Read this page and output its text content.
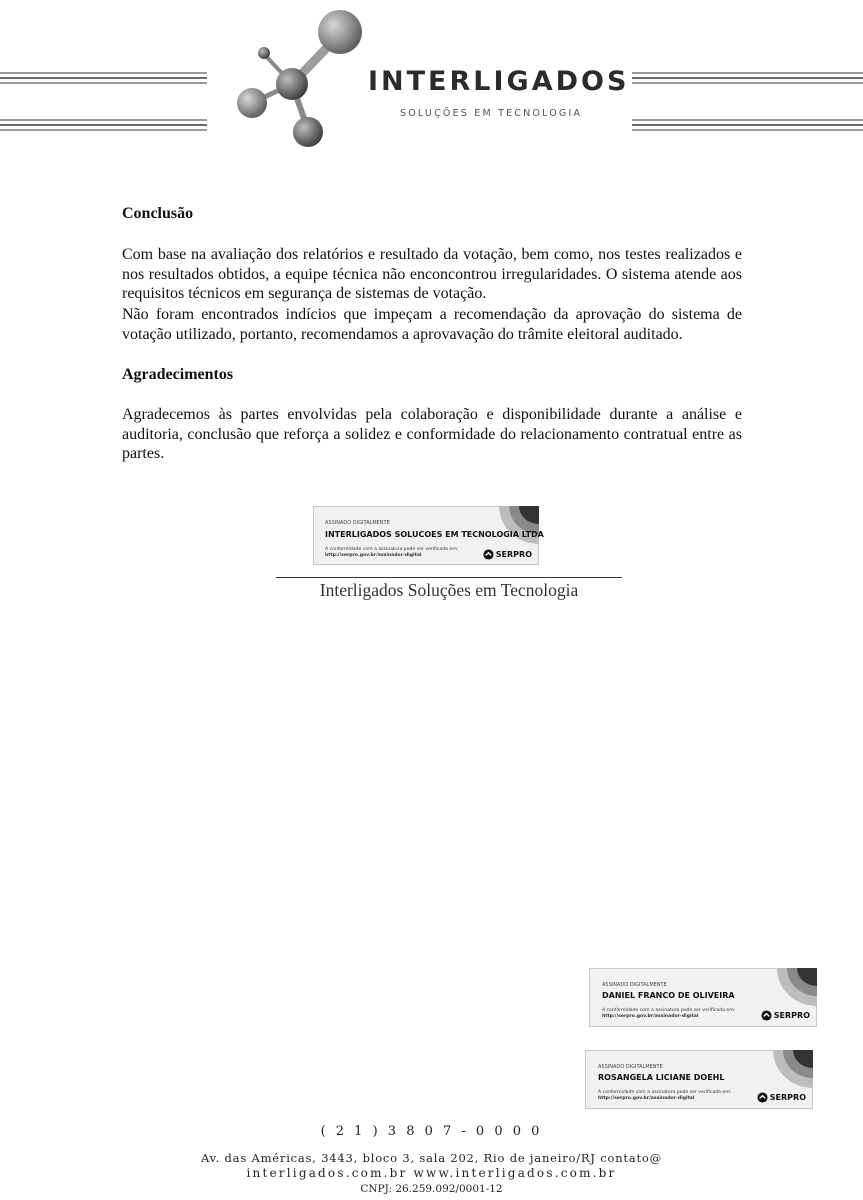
INTERLIGADOS
SOLUÇÕES EM TECNOLOGIA
Conclusão
Com base na avaliação dos relatórios e resultado da votação, bem como, nos testes realizados e nos resultados obtidos, a equipe técnica não enconcontrou irregularidades. O sistema atende aos requisitos técnicos em segurança de sistemas de votação.
Não foram encontrados indícios que impeçam a recomendação da aprovação do sistema de votação utilizado, portanto, recomendamos a aprovavação do trâmite eleitoral auditado.
Agradecimentos
Agradecemos às partes envolvidas pela colaboração e disponibilidade durante a análise e auditoria, conclusão que reforça a solidez e conformidade do relacionamento contratual entre as partes.
ASSINADO DIGITALMENTE
INTERLIGADOS SOLUCOES EM TECNOLOGIA LTDA
A conformidade com a assinatura pode ser verificada em:
http://serpro.gov.br/assinador-digital	SERPRO
Interligados Soluções em Tecnologia
ASSINADO DIGITALMENTE
DANIEL FRANCO DE OLIVEIRA
A conformidade com a assinatura pode ser verificada em:
http://serpro.gov.br/assinador-digital	SERPRO
ASSINADO DIGITALMENTE
ROSANGELA LICIANE DOEHL
A conformidade com a assinatura pode ser verificada em:
http://serpro.gov.br/assinador-digital	SERPRO
( 2 1 ) 3 8 0 7 - 0 0 0 0
Av. das Américas, 3443, bloco 3, sala 202, Rio de janeiro/RJ contato@
interligados.com.br www.interligados.com.br
CNPJ: 26.259.092/0001-12
